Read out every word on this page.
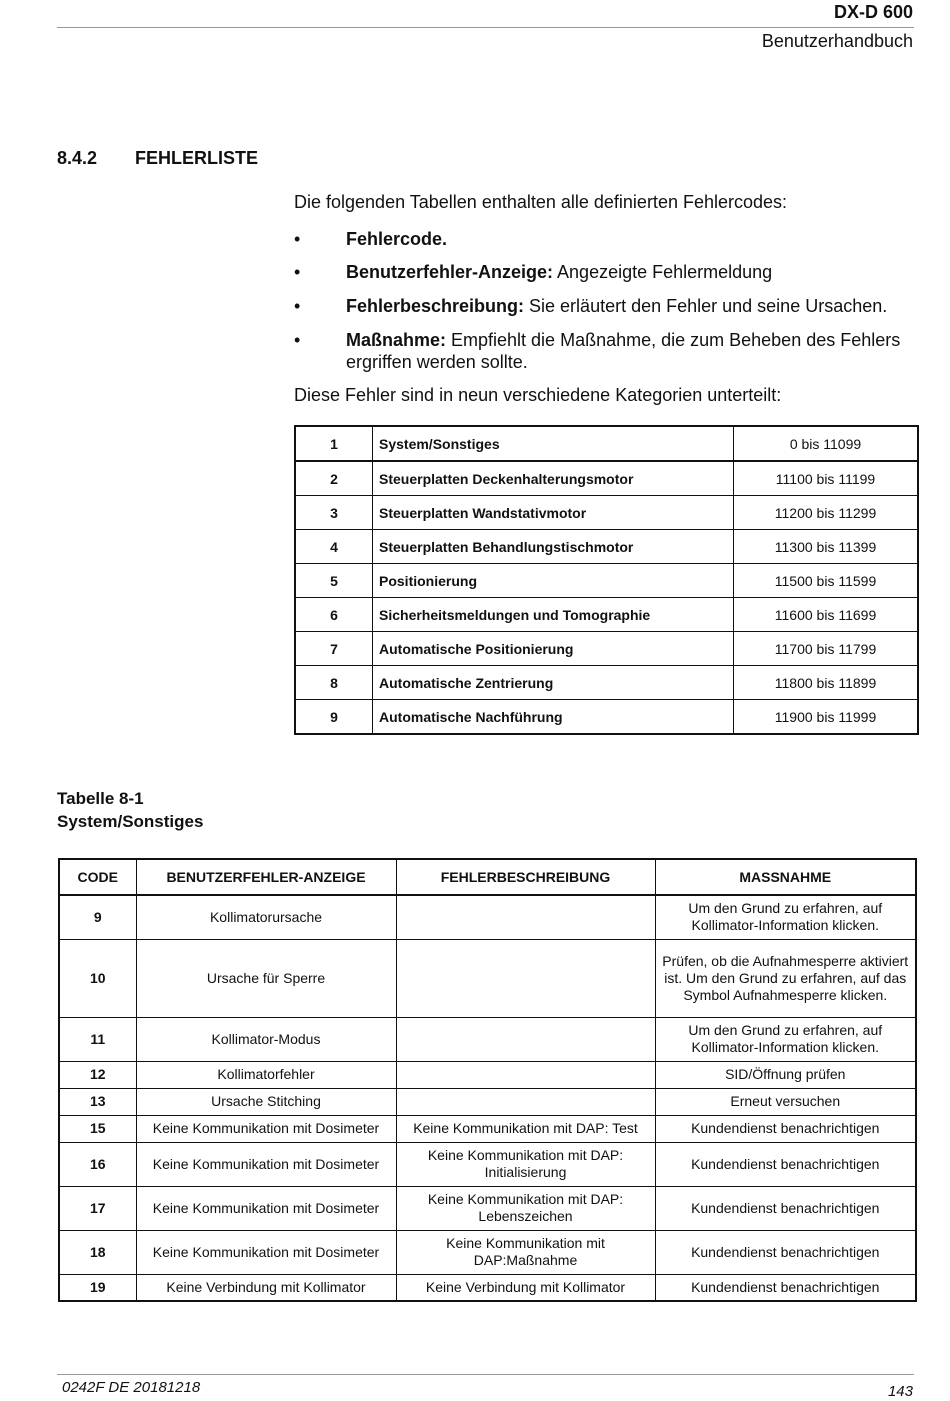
DX-D 600
Benutzerhandbuch
8.4.2 FEHLERLISTE
Die folgenden Tabellen enthalten alle definierten Fehlercodes:
•	Fehlercode.
•	Benutzerfehler-Anzeige: Angezeigte Fehlermeldung
•	Fehlerbeschreibung: Sie erläutert den Fehler und seine Ursachen.
•	Maßnahme: Empfiehlt die Maßnahme, die zum Beheben des Fehlers ergriffen werden sollte.
Diese Fehler sind in neun verschiedene Kategorien unterteilt:
1	System/Sonstiges	0 bis 11099
2	Steuerplatten Deckenhalterungsmotor	11100 bis 11199
3	Steuerplatten Wandstativmotor	11200 bis 11299
4	Steuerplatten Behandlungstischmotor	11300 bis 11399
5	Positionierung	11500 bis 11599
6	Sicherheitsmeldungen und Tomographie	11600 bis 11699
7	Automatische Positionierung	11700 bis 11799
8	Automatische Zentrierung	11800 bis 11899
9	Automatische Nachführung	11900 bis 11999
Tabelle 8-1
System/Sonstiges
CODE	BENUTZERFEHLER-ANZEIGE	FEHLERBESCHREIBUNG	MASSNAHME
9	Kollimatorursache		Um den Grund zu erfahren, auf Kollimator-Information klicken.
10	Ursache für Sperre		Prüfen, ob die Aufnahmesperre aktiviert ist. Um den Grund zu erfahren, auf das Symbol Aufnahmesperre klicken.
11	Kollimator-Modus		Um den Grund zu erfahren, auf Kollimator-Information klicken.
12	Kollimatorfehler		SID/Öffnung prüfen
13	Ursache Stitching		Erneut versuchen
15	Keine Kommunikation mit Dosimeter	Keine Kommunikation mit DAP: Test	Kundendienst benachrichtigen
16	Keine Kommunikation mit Dosimeter	Keine Kommunikation mit DAP: Initialisierung	Kundendienst benachrichtigen
17	Keine Kommunikation mit Dosimeter	Keine Kommunikation mit DAP: Lebenszeichen	Kundendienst benachrichtigen
18	Keine Kommunikation mit Dosimeter	Keine Kommunikation mit DAP:Maßnahme	Kundendienst benachrichtigen
19	Keine Verbindung mit Kollimator	Keine Verbindung mit Kollimator	Kundendienst benachrichtigen
0242F DE 20181218	143
